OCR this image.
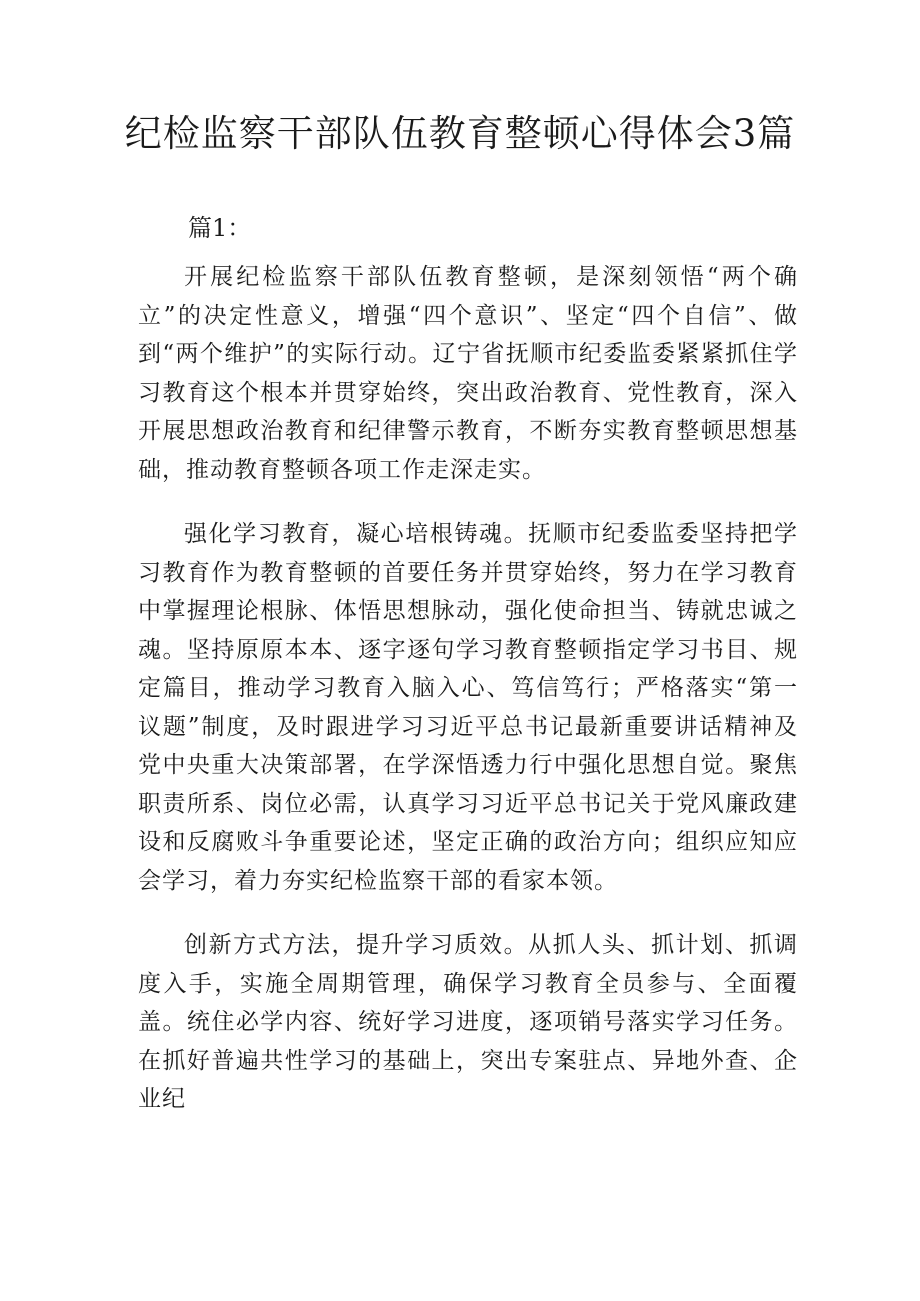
纪检监察干部队伍教育整顿心得体会3篇

篇1：

开展纪检监察干部队伍教育整顿，是深刻领悟“两个确立”的决定性意义，增强“四个意识”、坚定“四个自信”、做到“两个维护”的实际行动。辽宁省抚顺市纪委监委紧紧抓住学习教育这个根本并贯穿始终，突出政治教育、党性教育，深入开展思想政治教育和纪律警示教育，不断夯实教育整顿思想基础，推动教育整顿各项工作走深走实。

强化学习教育，凝心培根铸魂。抚顺市纪委监委坚持把学习教育作为教育整顿的首要任务并贯穿始终，努力在学习教育中掌握理论根脉、体悟思想脉动，强化使命担当、铸就忠诚之魂。坚持原原本本、逐字逐句学习教育整顿指定学习书目、规定篇目，推动学习教育入脑入心、笃信笃行；严格落实“第一议题”制度，及时跟进学习习近平总书记最新重要讲话精神及党中央重大决策部署，在学深悟透力行中强化思想自觉。聚焦职责所系、岗位必需，认真学习习近平总书记关于党风廉政建设和反腐败斗争重要论述，坚定正确的政治方向；组织应知应会学习，着力夯实纪检监察干部的看家本领。

创新方式方法，提升学习质效。从抓人头、抓计划、抓调度入手，实施全周期管理，确保学习教育全员参与、全面覆盖。统住必学内容、统好学习进度，逐项销号落实学习任务。在抓好普遍共性学习的基础上，突出专案驻点、异地外查、企业纪
